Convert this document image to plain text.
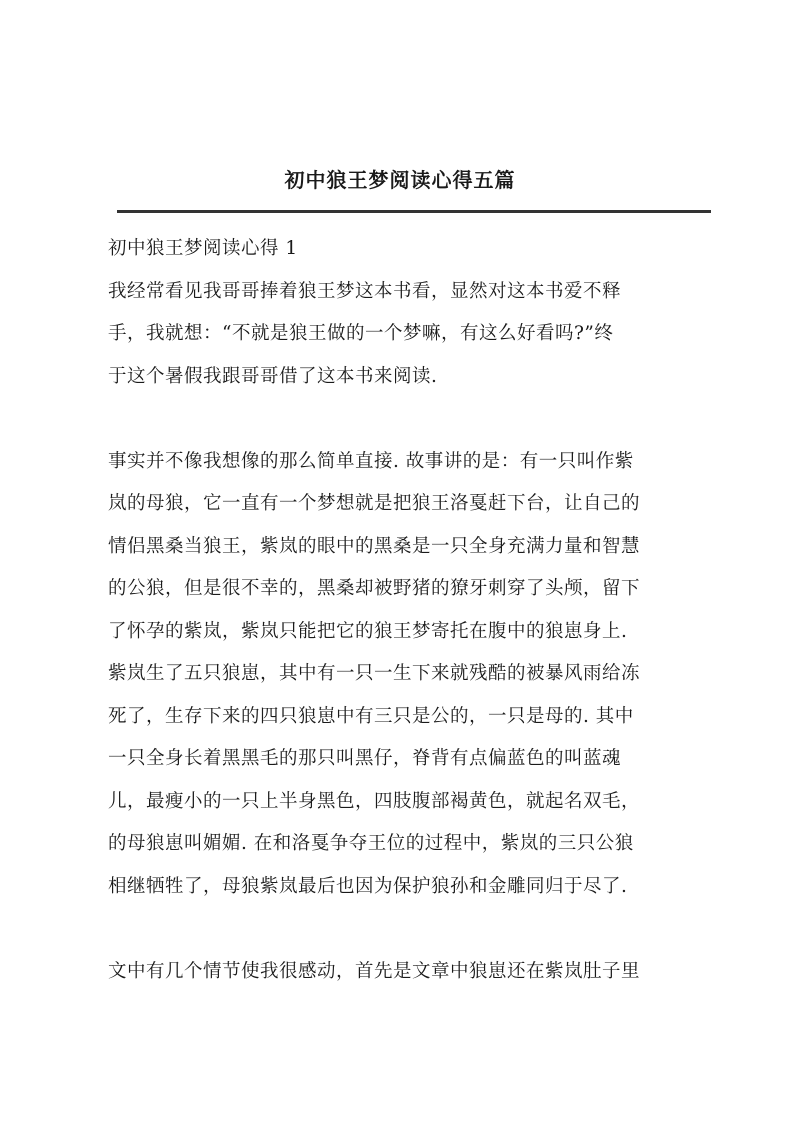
初中狼王梦阅读心得五篇
初中狼王梦阅读心得 1
我经常看见我哥哥捧着狼王梦这本书看，显然对这本书爱不释
手，我就想：“不就是狼王做的一个梦嘛，有这么好看吗?”终
于这个暑假我跟哥哥借了这本书来阅读.
事实并不像我想像的那么简单直接. 故事讲的是：有一只叫作紫
岚的母狼，它一直有一个梦想就是把狼王洛戛赶下台，让自己的
情侣黑桑当狼王，紫岚的眼中的黑桑是一只全身充满力量和智慧
的公狼，但是很不幸的，黑桑却被野猪的獠牙刺穿了头颅，留下
了怀孕的紫岚，紫岚只能把它的狼王梦寄托在腹中的狼崽身上.
紫岚生了五只狼崽，其中有一只一生下来就残酷的被暴风雨给冻
死了，生存下来的四只狼崽中有三只是公的，一只是母的. 其中
一只全身长着黑黑毛的那只叫黑仔，脊背有点偏蓝色的叫蓝魂
儿，最瘦小的一只上半身黑色，四肢腹部褐黄色，就起名双毛，
的母狼崽叫媚媚. 在和洛戛争夺王位的过程中，紫岚的三只公狼
相继牺牲了，母狼紫岚最后也因为保护狼孙和金雕同归于尽了.
文中有几个情节使我很感动，首先是文章中狼崽还在紫岚肚子里
